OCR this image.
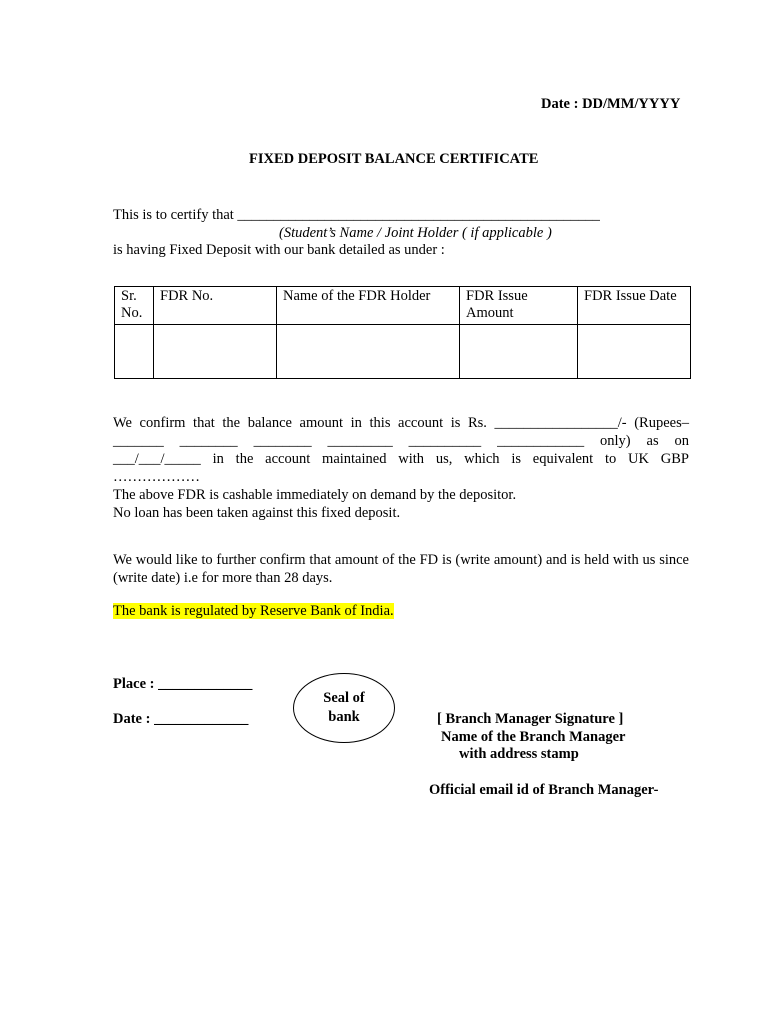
Date : DD/MM/YYYY
FIXED DEPOSIT BALANCE CERTIFICATE
This is to certify that __________________________________________________
(Student’s Name / Joint Holder ( if applicable )
is having Fixed Deposit with our bank detailed as under :
Sr. No.	FDR No.	Name of the FDR Holder	FDR Issue Amount	FDR Issue Date

We confirm that the balance amount in this account is Rs. _________________/- (Rupees–
_______ ________ ________ _________ __________ ____________ only) as on
___/___/_____ in the account maintained with us, which is equivalent to UK GBP
………………
The above FDR is cashable immediately on demand by the depositor.
No loan has been taken against this fixed deposit.
We would like to further confirm that amount of the FD is (write amount) and is held with us since (write date) i.e for more than 28 days.
The bank is regulated by Reserve Bank of India.
Place : _____________
Date : _____________
Seal of bank	[ Branch Manager Signature ]
Name of the Branch Manager
with address stamp
Official email id of Branch Manager-
